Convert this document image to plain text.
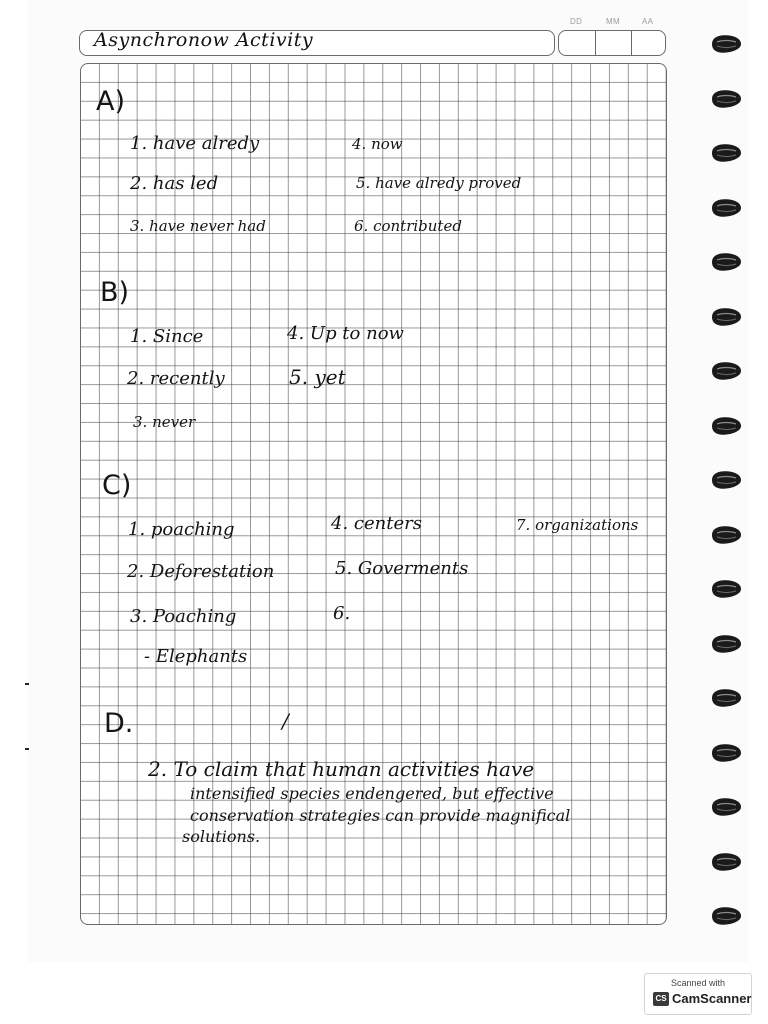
DD	MM	AA
Asynchronow Activity
A)
1. have alredy
2. has led
3. have never had
4. now
5. have alredy proved
6. contributed
B)
1. Since
2. recently
3. never
4. Up to now
5. yet
C)
1. poaching
2. Deforestation
3. Poaching
- Elephants
4. centers
5. Goverments
6.
7. organizations
D.	/
2. To claim that human activities have
intensified species endengered, but effective
conservation strategies can provide magnifical
solutions.
Scanned with
CS CamScanner
